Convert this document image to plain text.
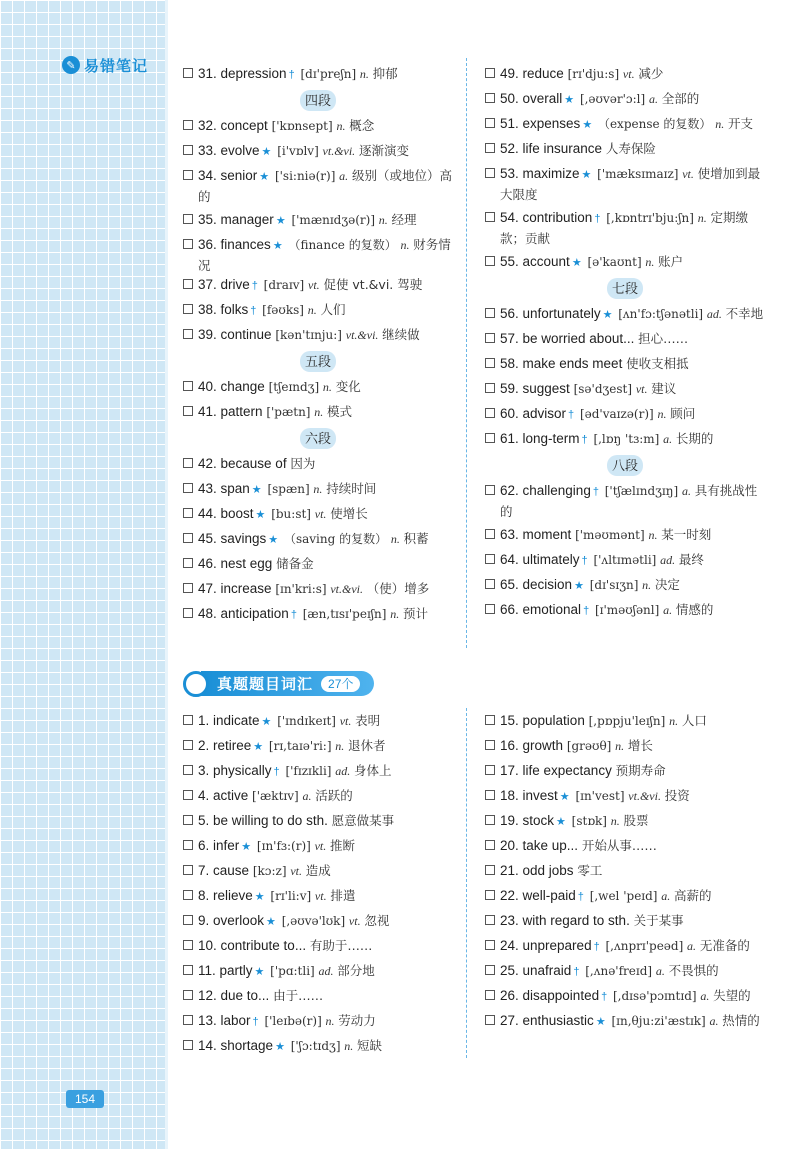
✎ 易错笔记
154
31. depression † [dɪ'preʃn] n. 抑郁
四段
32. concept ['kɒnsept] n. 概念
33. evolve ★ [i'vɒlv] vt.&vi. 逐渐演变
34. senior ★ ['si:niə(r)] a. 级别（或地位）高的
35. manager ★ ['mænɪdʒə(r)] n. 经理
36. finances ★ （finance 的复数） n. 财务情况
37. drive † [draɪv] vt. 促使 vt.&vi. 驾驶
38. folks † [fəʊks] n. 人们
39. continue [kən'tɪnju:] vt.&vi. 继续做
五段
40. change [tʃeɪndʒ] n. 变化
41. pattern ['pætn] n. 模式
六段
42. because of 因为
43. span ★ [spæn] n. 持续时间
44. boost ★ [bu:st] vt. 使增长
45. savings ★ （saving 的复数） n. 积蓄
46. nest egg 储备金
47. increase [ɪn'kri:s] vt.&vi. （使）增多
48. anticipation † [æn,tɪsɪ'peɪʃn] n. 预计
49. reduce [rɪ'dju:s] vt. 减少
50. overall ★ [,əʊvər'ɔ:l] a. 全部的
51. expenses ★ （expense 的复数） n. 开支
52. life insurance 人寿保险
53. maximize ★ ['mæksɪmaɪz] vt. 使增加到最大限度
54. contribution † [,kɒntrɪ'bju:ʃn] n. 定期缴款；贡献
55. account ★ [ə'kaʊnt] n. 账户
七段
56. unfortunately ★ [ʌn'fɔ:tʃənətli] ad. 不幸地
57. be worried about... 担心……
58. make ends meet 使收支相抵
59. suggest [sə'dʒest] vt. 建议
60. advisor † [əd'vaɪzə(r)] n. 顾问
61. long-term † [,lɒŋ 'tɜ:m] a. 长期的
八段
62. challenging † ['tʃælɪndʒɪŋ] a. 具有挑战性的
63. moment ['məʊmənt] n. 某一时刻
64. ultimately † ['ʌltɪmətli] ad. 最终
65. decision ★ [dɪ'sɪʒn] n. 决定
66. emotional † [ɪ'məʊʃənl] a. 情感的
真题题目词汇	27个
1. indicate ★ ['ɪndɪkeɪt] vt. 表明
2. retiree ★ [rɪ,taɪə'ri:] n. 退休者
3. physically † ['fɪzɪkli] ad. 身体上
4. active ['æktɪv] a. 活跃的
5. be willing to do sth. 愿意做某事
6. infer ★ [ɪn'fɜ:(r)] vt. 推断
7. cause [kɔ:z] vt. 造成
8. relieve ★ [rɪ'li:v] vt. 排遣
9. overlook ★ [,əʊvə'lʊk] vt. 忽视
10. contribute to... 有助于……
11. partly ★ ['pɑ:tli] ad. 部分地
12. due to... 由于……
13. labor † ['leɪbə(r)] n. 劳动力
14. shortage ★ ['ʃɔ:tɪdʒ] n. 短缺
15. population [,pɒpju'leɪʃn] n. 人口
16. growth [grəʊθ] n. 增长
17. life expectancy 预期寿命
18. invest ★ [ɪn'vest] vt.&vi. 投资
19. stock ★ [stɒk] n. 股票
20. take up... 开始从事……
21. odd jobs 零工
22. well-paid † [,wel 'peɪd] a. 高薪的
23. with regard to sth. 关于某事
24. unprepared † [,ʌnprɪ'peəd] a. 无准备的
25. unafraid † [,ʌnə'freɪd] a. 不畏惧的
26. disappointed † [,dɪsə'pɔɪntɪd] a. 失望的
27. enthusiastic ★ [ɪn,θju:zi'æstɪk] a. 热情的
